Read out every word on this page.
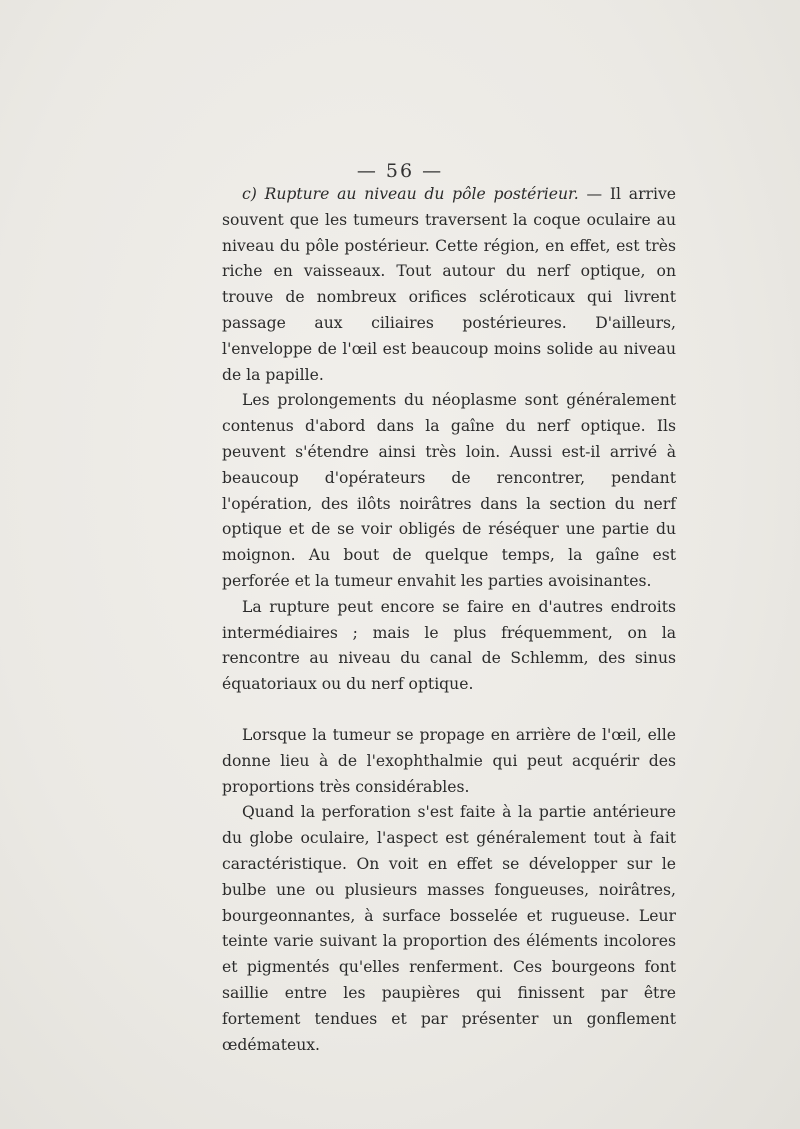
— 56 —

c) Rupture au niveau du pôle postérieur. — Il arrive souvent que les tumeurs traversent la coque oculaire au niveau du pôle postérieur. Cette région, en effet, est très riche en vaisseaux. Tout autour du nerf optique, on trouve de nombreux orifices scléroticaux qui livrent passage aux ciliaires postérieures. D'ailleurs, l'enveloppe de l'œil est beaucoup moins solide au niveau de la papille.

Les prolongements du néoplasme sont généralement contenus d'abord dans la gaîne du nerf optique. Ils peuvent s'étendre ainsi très loin. Aussi est-il arrivé à beaucoup d'opérateurs de rencontrer, pendant l'opération, des ilôts noirâtres dans la section du nerf optique et de se voir obligés de réséquer une partie du moignon. Au bout de quelque temps, la gaîne est perforée et la tumeur envahit les parties avoisinantes.

La rupture peut encore se faire en d'autres endroits intermédiaires ; mais le plus fréquemment, on la rencontre au niveau du canal de Schlemm, des sinus équatoriaux ou du nerf optique.

Lorsque la tumeur se propage en arrière de l'œil, elle donne lieu à de l'exophthalmie qui peut acquérir des proportions très considérables.

Quand la perforation s'est faite à la partie antérieure du globe oculaire, l'aspect est généralement tout à fait caractéristique. On voit en effet se développer sur le bulbe une ou plusieurs masses fongueuses, noirâtres, bourgeonnantes, à surface bosselée et rugueuse. Leur teinte varie suivant la proportion des éléments incolores et pigmentés qu'elles renferment. Ces bourgeons font saillie entre les paupières qui finissent par être fortement tendues et par présenter un gonflement œdémateux.
